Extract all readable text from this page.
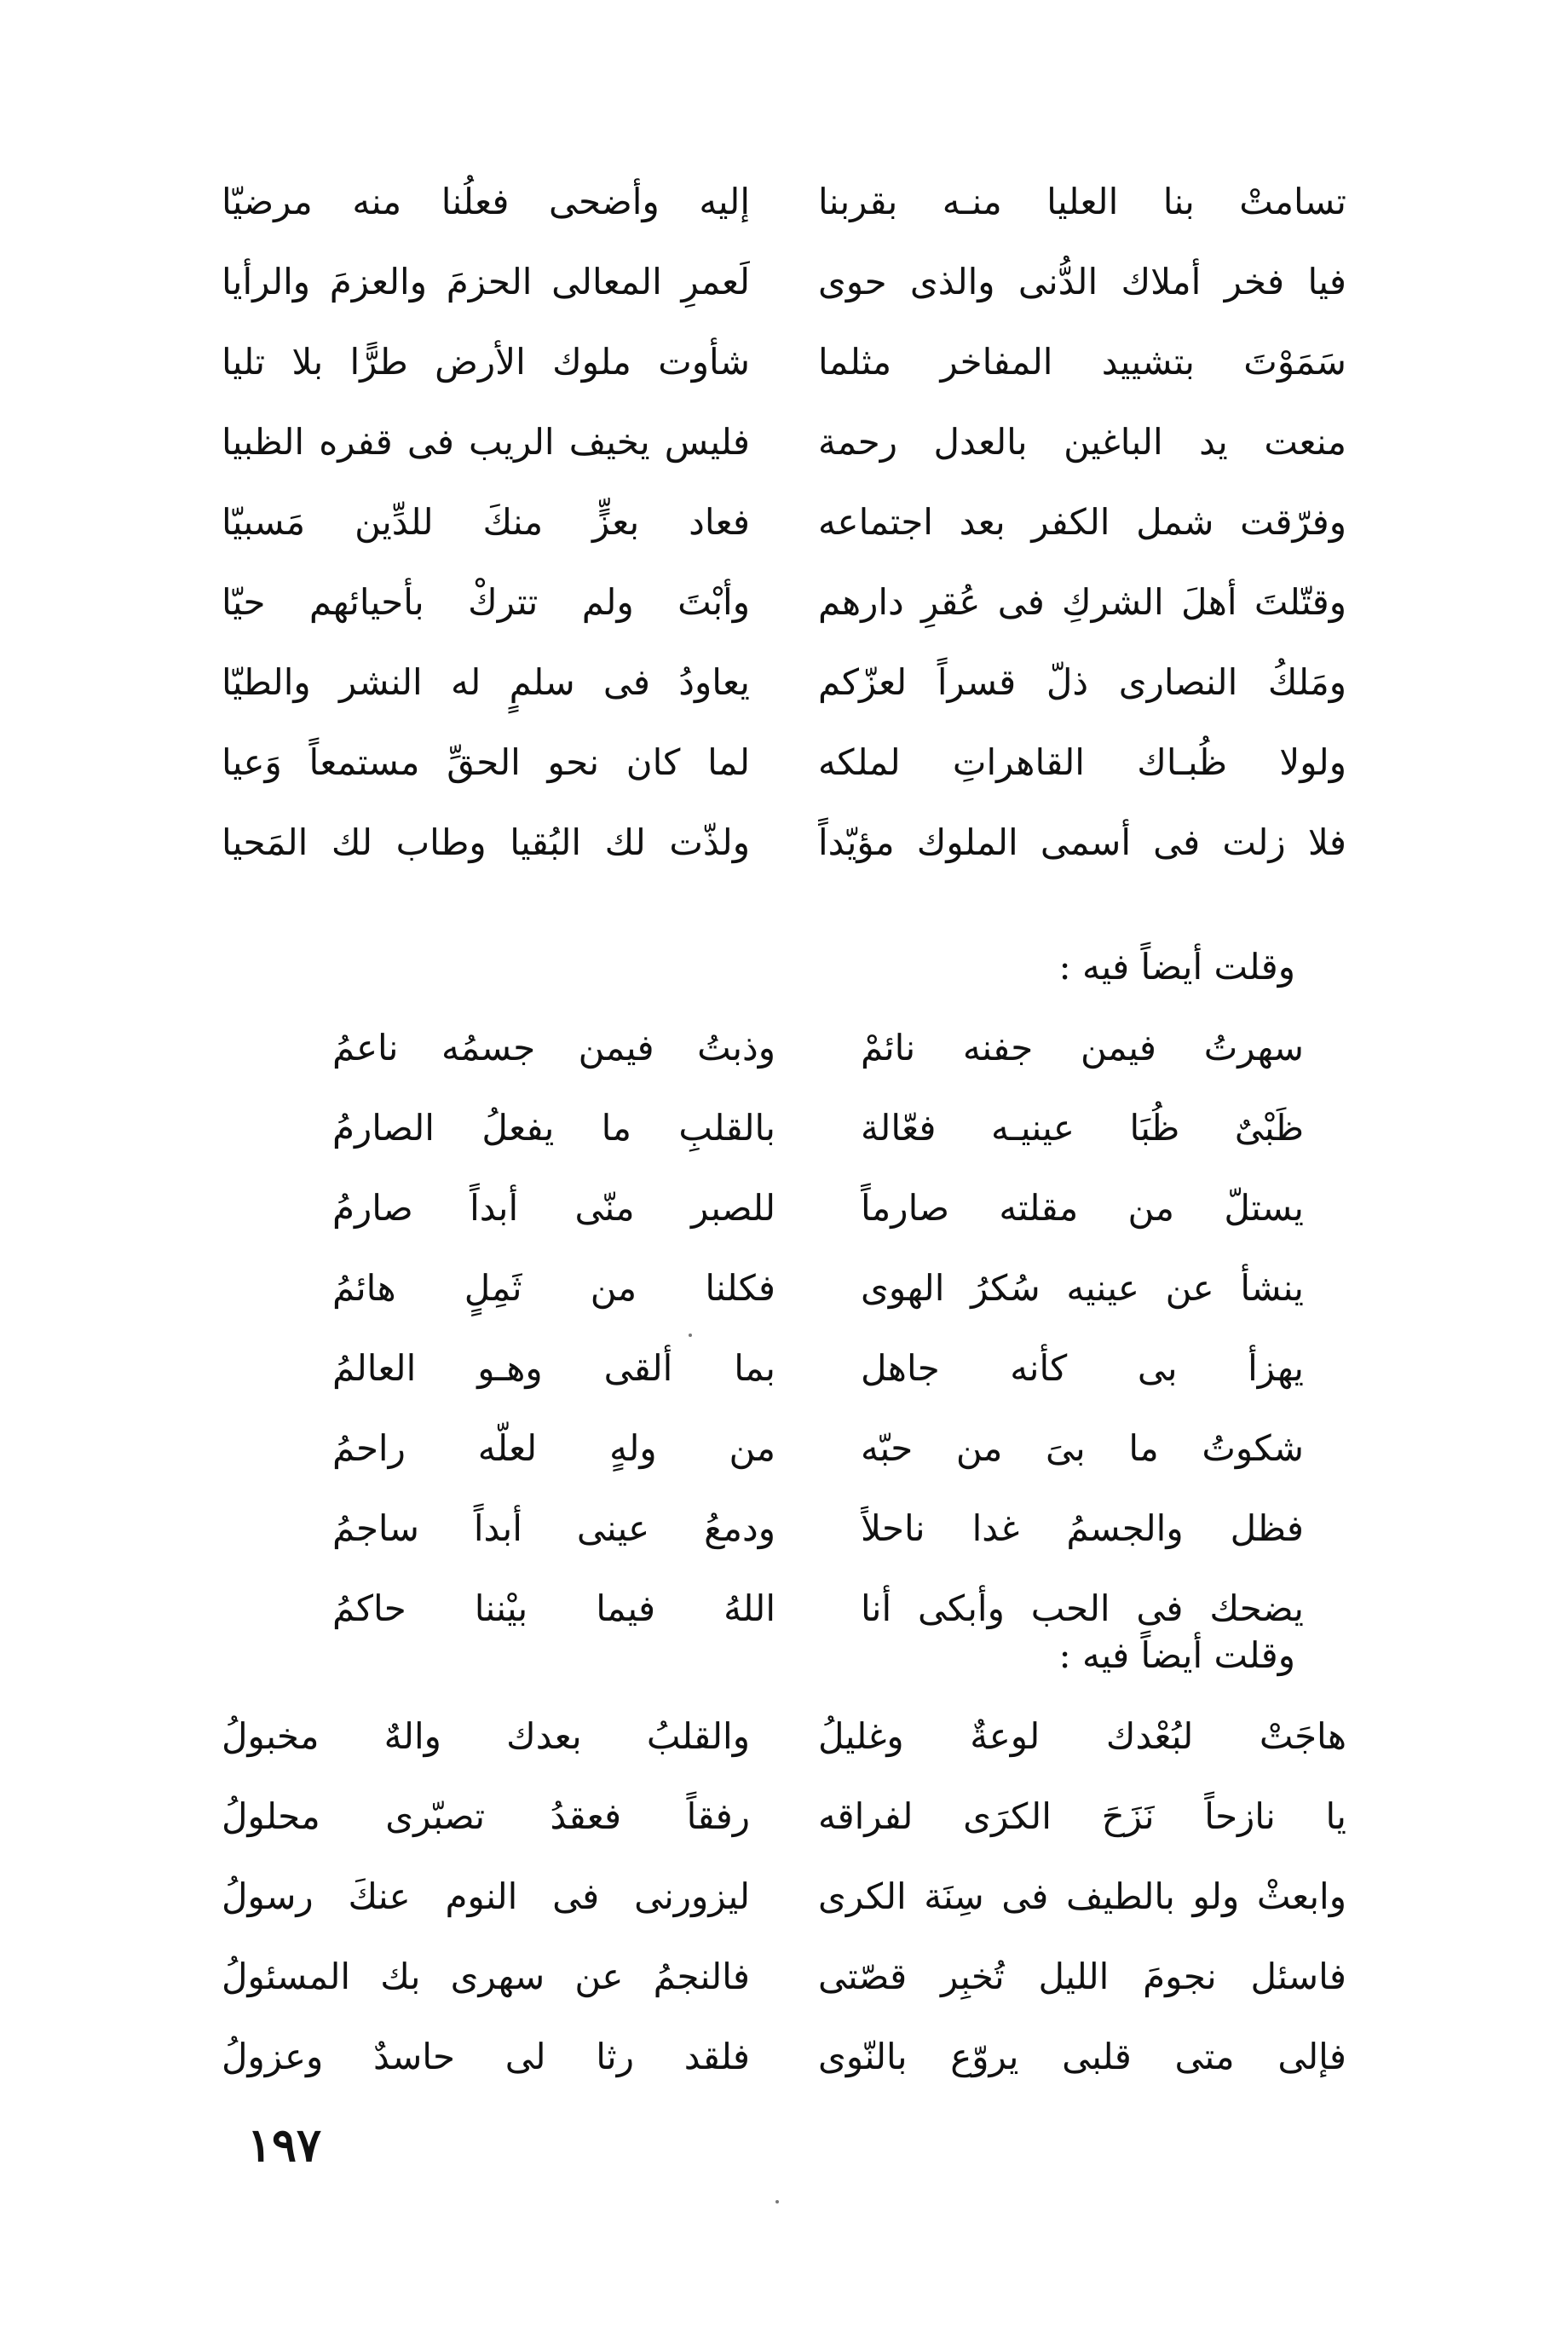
تسامتْ بنا العليا منـه بقربنا
إليه وأضحى فعلُنا منه مرضيّا
فيا فخر أملاك الدُّنى والذى حوى
لَعمرِ المعالى الحزمَ والعزمَ والرأيا
سَمَوْتَ بتشييد المفاخر مثلما
شأوت ملوك الأرض طرًّا بلا تليا
منعت يد الباغين بالعدل رحمة
فليس يخيف الريب فى قفره الظبيا
وفرّقت شمل الكفر بعد اجتماعه
فعاد بعزٍّ منكَ للدِّين مَسبيّا
وقتّلتَ أهلَ الشركِ فى عُقرِ دارهم
وأبْتَ ولم تتركْ بأحيائهم حيّا
ومَلكُ النصارى ذلّ قسراً لعزّكم
يعاودُ فى سلمٍ له النشر والطيّا
ولولا ظُبـاك القاهراتِ لملكه
لما كان نحو الحقِّ مستمعاً وَعيا
فلا زلت فى أسمى الملوك مؤيّداً
ولذّت لك البُقيا وطاب لك المَحيا
وقلت أيضاً فيه :
سهرتُ فيمن جفنه نائمْ
وذبتُ فيمن جسمُه ناعمُ
ظَبْىٌ ظُبَا عينيـه فعّالة
بالقلبِ ما يفعلُ الصارمُ
يستلّ من مقلته صارماً
للصبر منّى أبداً صارمُ
ينشأ عن عينيه سُكرُ الهوى
فكلنا من ثَمِلٍ هائمُ
يهزأ بى كأنه جاهل
بما ألقى وهـو العالمُ
شكوتُ ما بىَ من حبّه
من ولهٍ لعلّه راحمُ
فظل والجسمُ غدا ناحلاً
ودمعُ عينى أبداً ساجمُ
يضحك فى الحب وأبكى أنا
اللهُ فيما بيْننا حاكمُ
وقلت أيضاً فيه :
هاجَتْ لبُعْدك لوعةٌ وغليلُ
والقلبُ بعدك والهٌ مخبولُ
يا نازحاً نَزَحَ الكرَى لفراقه
رفقاً فعقدُ تصبّرى محلولُ
وابعثْ ولو بالطيف فى سِنَة الكرى
ليزورنى فى النوم عنكَ رسولُ
فاسئل نجومَ الليل تُخبِر قصّتى
فالنجمُ عن سهرى بك المسئولُ
فإلى متى قلبى يروّع بالنّوى
فلقد رثا لى حاسدٌ وعزولُ
١٩٧
